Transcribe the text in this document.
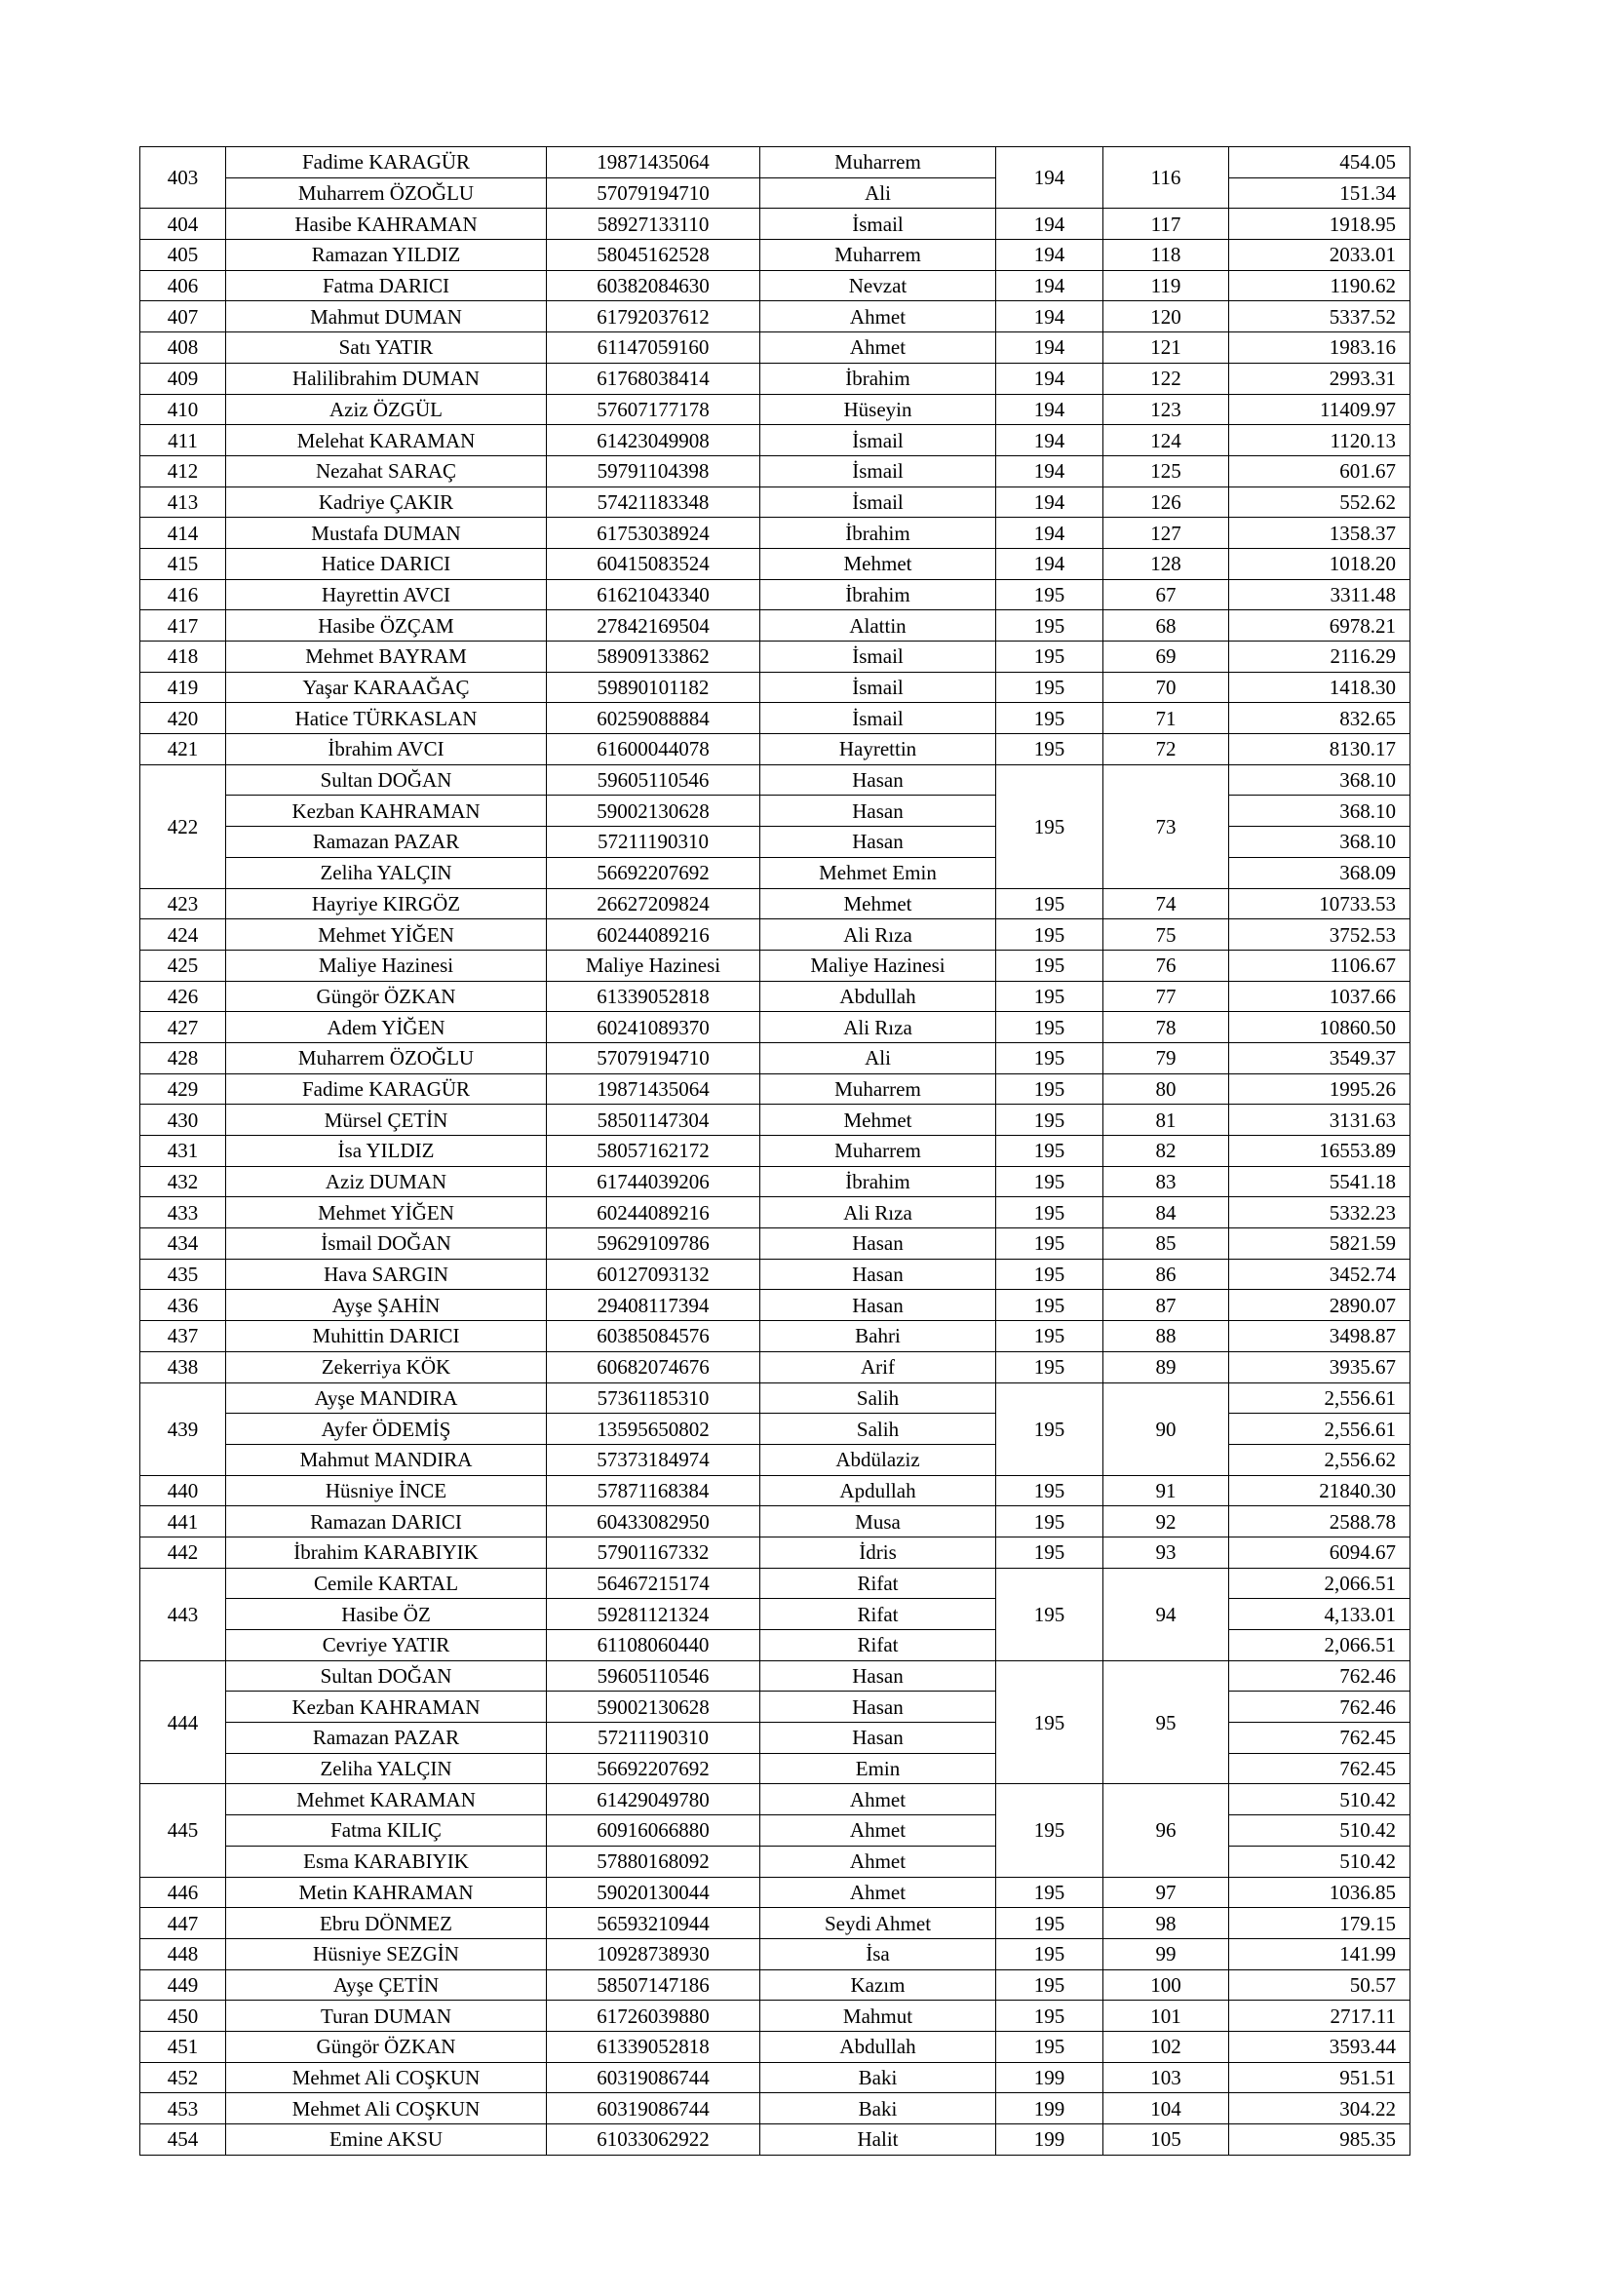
403	Fadime KARAGÜR	19871435064	Muharrem	194	116	454.05
	Muharrem ÖZOĞLU	57079194710	Ali			151.34
404	Hasibe KAHRAMAN	58927133110	İsmail	194	117	1918.95
405	Ramazan YILDIZ	58045162528	Muharrem	194	118	2033.01
406	Fatma DARICI	60382084630	Nevzat	194	119	1190.62
407	Mahmut DUMAN	61792037612	Ahmet	194	120	5337.52
408	Satı YATIR	61147059160	Ahmet	194	121	1983.16
409	Halilibrahim DUMAN	61768038414	İbrahim	194	122	2993.31
410	Aziz ÖZGÜL	57607177178	Hüseyin	194	123	11409.97
411	Melehat KARAMAN	61423049908	İsmail	194	124	1120.13
412	Nezahat SARAÇ	59791104398	İsmail	194	125	601.67
413	Kadriye ÇAKIR	57421183348	İsmail	194	126	552.62
414	Mustafa DUMAN	61753038924	İbrahim	194	127	1358.37
415	Hatice DARICI	60415083524	Mehmet	194	128	1018.20
416	Hayrettin AVCI	61621043340	İbrahim	195	67	3311.48
417	Hasibe ÖZÇAM	27842169504	Alattin	195	68	6978.21
418	Mehmet BAYRAM	58909133862	İsmail	195	69	2116.29
419	Yaşar KARAAĞAÇ	59890101182	İsmail	195	70	1418.30
420	Hatice TÜRKASLAN	60259088884	İsmail	195	71	832.65
421	İbrahim AVCI	61600044078	Hayrettin	195	72	8130.17
422	Sultan DOĞAN	59605110546	Hasan	195	73	368.10
	Kezban KAHRAMAN	59002130628	Hasan			368.10
	Ramazan PAZAR	57211190310	Hasan			368.10
	Zeliha YALÇIN	56692207692	Mehmet Emin			368.09
423	Hayriye KIRGÖZ	26627209824	Mehmet	195	74	10733.53
424	Mehmet YİĞEN	60244089216	Ali Rıza	195	75	3752.53
425	Maliye Hazinesi	Maliye Hazinesi	Maliye Hazinesi	195	76	1106.67
426	Güngör ÖZKAN	61339052818	Abdullah	195	77	1037.66
427	Adem YİĞEN	60241089370	Ali Rıza	195	78	10860.50
428	Muharrem ÖZOĞLU	57079194710	Ali	195	79	3549.37
429	Fadime KARAGÜR	19871435064	Muharrem	195	80	1995.26
430	Mürsel ÇETİN	58501147304	Mehmet	195	81	3131.63
431	İsa YILDIZ	58057162172	Muharrem	195	82	16553.89
432	Aziz DUMAN	61744039206	İbrahim	195	83	5541.18
433	Mehmet YİĞEN	60244089216	Ali Rıza	195	84	5332.23
434	İsmail DOĞAN	59629109786	Hasan	195	85	5821.59
435	Hava SARGIN	60127093132	Hasan	195	86	3452.74
436	Ayşe ŞAHİN	29408117394	Hasan	195	87	2890.07
437	Muhittin DARICI	60385084576	Bahri	195	88	3498.87
438	Zekerriya KÖK	60682074676	Arif	195	89	3935.67
439	Ayşe MANDIRA	57361185310	Salih	195	90	2,556.61
	Ayfer ÖDEMİŞ	13595650802	Salih			2,556.61
	Mahmut MANDIRA	57373184974	Abdülaziz			2,556.62
440	Hüsniye İNCE	57871168384	Apdullah	195	91	21840.30
441	Ramazan DARICI	60433082950	Musa	195	92	2588.78
442	İbrahim KARABIYIK	57901167332	İdris	195	93	6094.67
443	Cemile KARTAL	56467215174	Rifat	195	94	2,066.51
	Hasibe ÖZ	59281121324	Rifat			4,133.01
	Cevriye YATIR	61108060440	Rifat			2,066.51
444	Sultan DOĞAN	59605110546	Hasan	195	95	762.46
	Kezban KAHRAMAN	59002130628	Hasan			762.46
	Ramazan PAZAR	57211190310	Hasan			762.45
	Zeliha YALÇIN	56692207692	Emin			762.45
445	Mehmet KARAMAN	61429049780	Ahmet	195	96	510.42
	Fatma KILIÇ	60916066880	Ahmet			510.42
	Esma KARABIYIK	57880168092	Ahmet			510.42
446	Metin KAHRAMAN	59020130044	Ahmet	195	97	1036.85
447	Ebru DÖNMEZ	56593210944	Seydi Ahmet	195	98	179.15
448	Hüsniye SEZGİN	10928738930	İsa	195	99	141.99
449	Ayşe ÇETİN	58507147186	Kazım	195	100	50.57
450	Turan DUMAN	61726039880	Mahmut	195	101	2717.11
451	Güngör ÖZKAN	61339052818	Abdullah	195	102	3593.44
452	Mehmet Ali COŞKUN	60319086744	Baki	199	103	951.51
453	Mehmet Ali COŞKUN	60319086744	Baki	199	104	304.22
454	Emine AKSU	61033062922	Halit	199	105	985.35
